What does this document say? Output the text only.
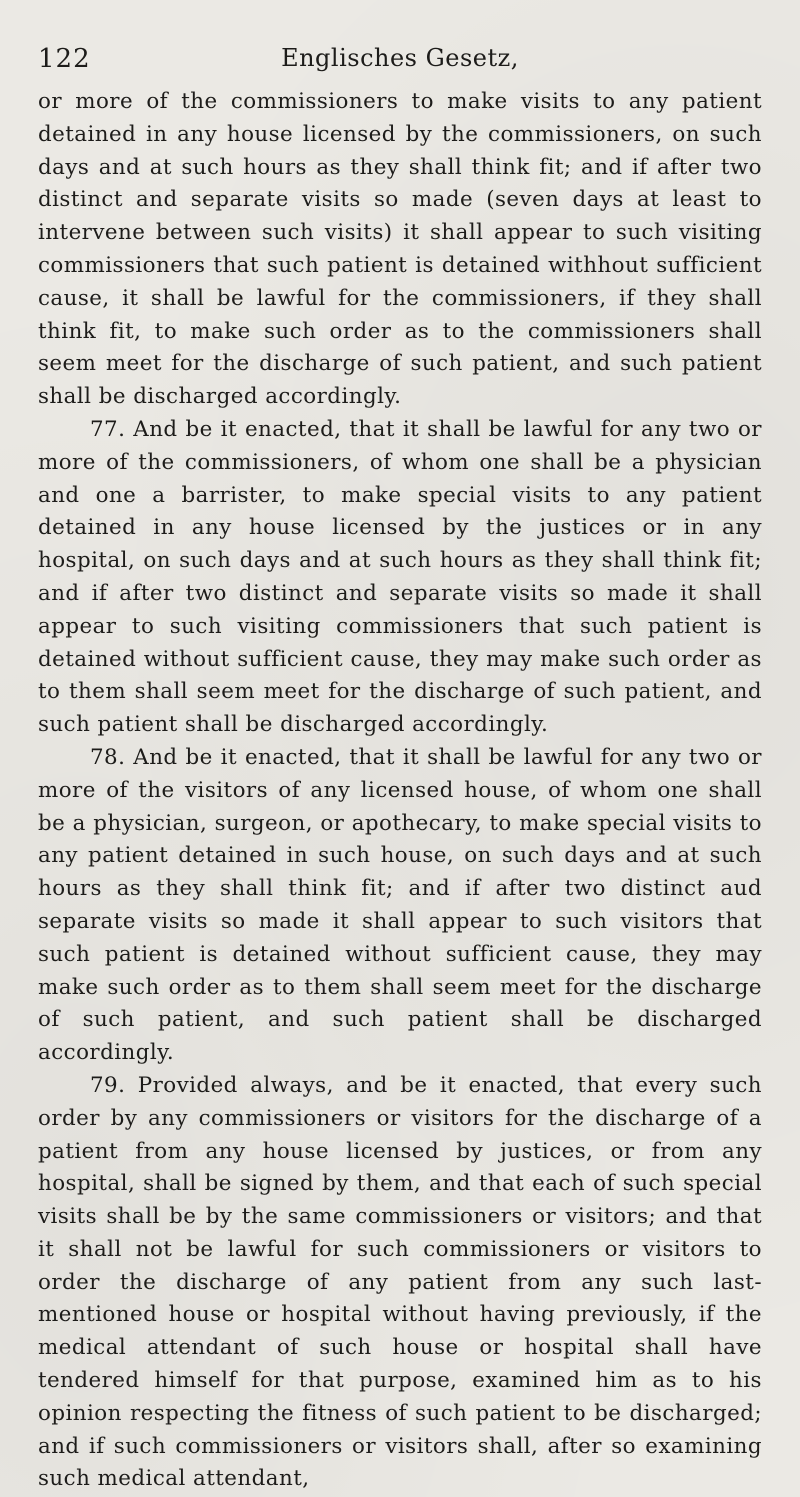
122	Englisches Gesetz,

or more of the commissioners to make visits to any patient detained in any house licensed by the commissioners, on such days and at such hours as they shall think fit; and if after two distinct and separate visits so made (seven days at least to intervene between such visits) it shall appear to such visiting commissioners that such patient is detained withhout sufficient cause, it shall be lawful for the commissioners, if they shall think fit, to make such order as to the commissioners shall seem meet for the discharge of such patient, and such patient shall be discharged accordingly.

77. And be it enacted, that it shall be lawful for any two or more of the commissioners, of whom one shall be a physician and one a barrister, to make special visits to any patient detained in any house licensed by the justices or in any hospital, on such days and at such hours as they shall think fit; and if after two distinct and separate visits so made it shall appear to such visiting commissioners that such patient is detained without sufficient cause, they may make such order as to them shall seem meet for the discharge of such patient, and such patient shall be discharged accordingly.

78. And be it enacted, that it shall be lawful for any two or more of the visitors of any licensed house, of whom one shall be a physician, surgeon, or apothecary, to make special visits to any patient detained in such house, on such days and at such hours as they shall think fit; and if after two distinct aud separate visits so made it shall appear to such visitors that such patient is detained without sufficient cause, they may make such order as to them shall seem meet for the discharge of such patient, and such patient shall be discharged accordingly.

79. Provided always, and be it enacted, that every such order by any commissioners or visitors for the discharge of a patient from any house licensed by justices, or from any hospital, shall be signed by them, and that each of such special visits shall be by the same commissioners or visitors; and that it shall not be lawful for such commissioners or visitors to order the discharge of any patient from any such last-mentioned house or hospital without having previously, if the medical attendant of such house or hospital shall have tendered himself for that purpose, examined him as to his opinion respecting the fitness of such patient to be discharged; and if such commissioners or visitors shall, after so examining such medical attendant,
